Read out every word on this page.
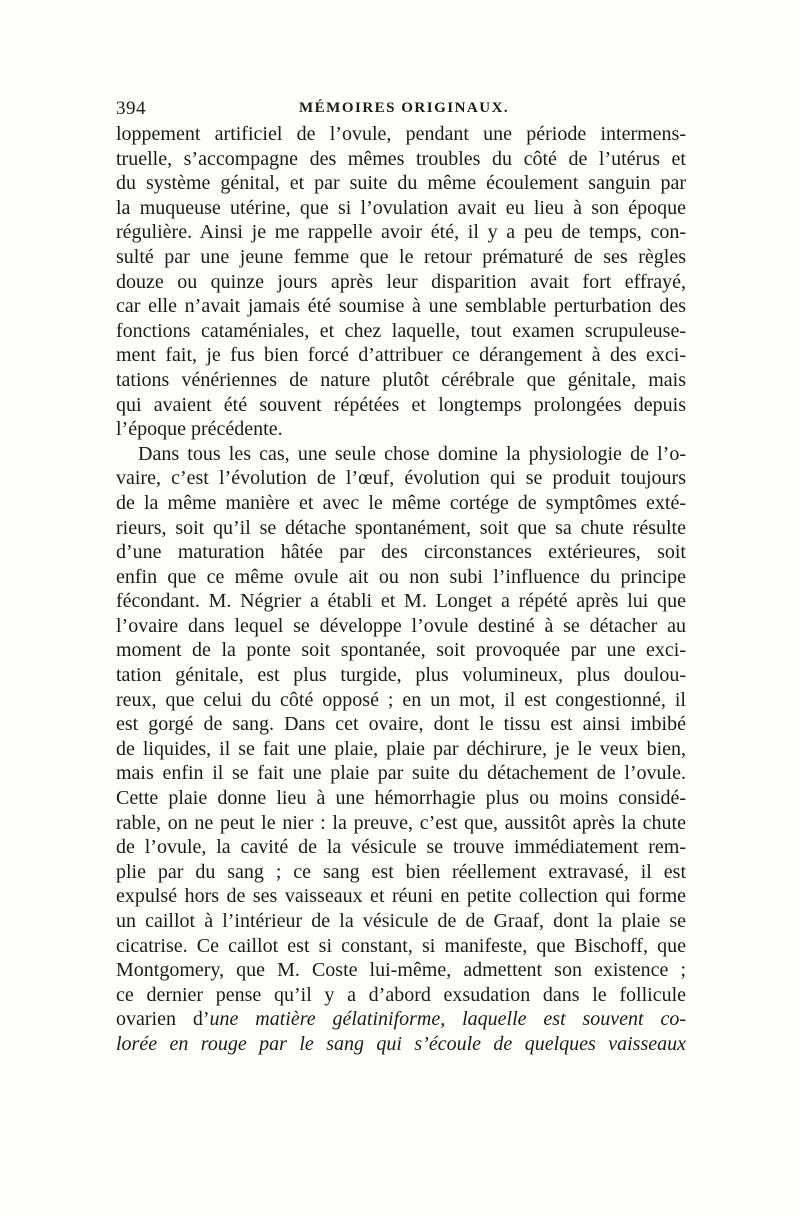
394	MÉMOIRES ORIGINAUX.
loppement artificiel de l’ovule, pendant une période intermens-
truelle, s’accompagne des mêmes troubles du côté de l’utérus et
du système génital, et par suite du même écoulement sanguin par
la muqueuse utérine, que si l’ovulation avait eu lieu à son époque
régulière. Ainsi je me rappelle avoir été, il y a peu de temps, con-
sulté par une jeune femme que le retour prématuré de ses règles
douze ou quinze jours après leur disparition avait fort effrayé,
car elle n’avait jamais été soumise à une semblable perturbation des
fonctions cataméniales, et chez laquelle, tout examen scrupuleuse-
ment fait, je fus bien forcé d’attribuer ce dérangement à des exci-
tations vénériennes de nature plutôt cérébrale que génitale, mais
qui avaient été souvent répétées et longtemps prolongées depuis
l’époque précédente.
Dans tous les cas, une seule chose domine la physiologie de l’o-
vaire, c’est l’évolution de l’œuf, évolution qui se produit toujours
de la même manière et avec le même cortége de symptômes exté-
rieurs, soit qu’il se détache spontanément, soit que sa chute résulte
d’une maturation hâtée par des circonstances extérieures, soit
enfin que ce même ovule ait ou non subi l’influence du principe
fécondant. M. Négrier a établi et M. Longet a répété après lui que
l’ovaire dans lequel se développe l’ovule destiné à se détacher au
moment de la ponte soit spontanée, soit provoquée par une exci-
tation génitale, est plus turgide, plus volumineux, plus doulou-
reux, que celui du côté opposé ; en un mot, il est congestionné, il
est gorgé de sang. Dans cet ovaire, dont le tissu est ainsi imbibé
de liquides, il se fait une plaie, plaie par déchirure, je le veux bien,
mais enfin il se fait une plaie par suite du détachement de l’ovule.
Cette plaie donne lieu à une hémorrhagie plus ou moins considé-
rable, on ne peut le nier : la preuve, c’est que, aussitôt après la chute
de l’ovule, la cavité de la vésicule se trouve immédiatement rem-
plie par du sang ; ce sang est bien réellement extravasé, il est
expulsé hors de ses vaisseaux et réuni en petite collection qui forme
un caillot à l’intérieur de la vésicule de de Graaf, dont la plaie se
cicatrise. Ce caillot est si constant, si manifeste, que Bischoff, que
Montgomery, que M. Coste lui-même, admettent son existence ;
ce dernier pense qu’il y a d’abord exsudation dans le follicule
ovarien d’une matière gélatiniforme, laquelle est souvent co-
lorée en rouge par le sang qui s’écoule de quelques vaisseaux
